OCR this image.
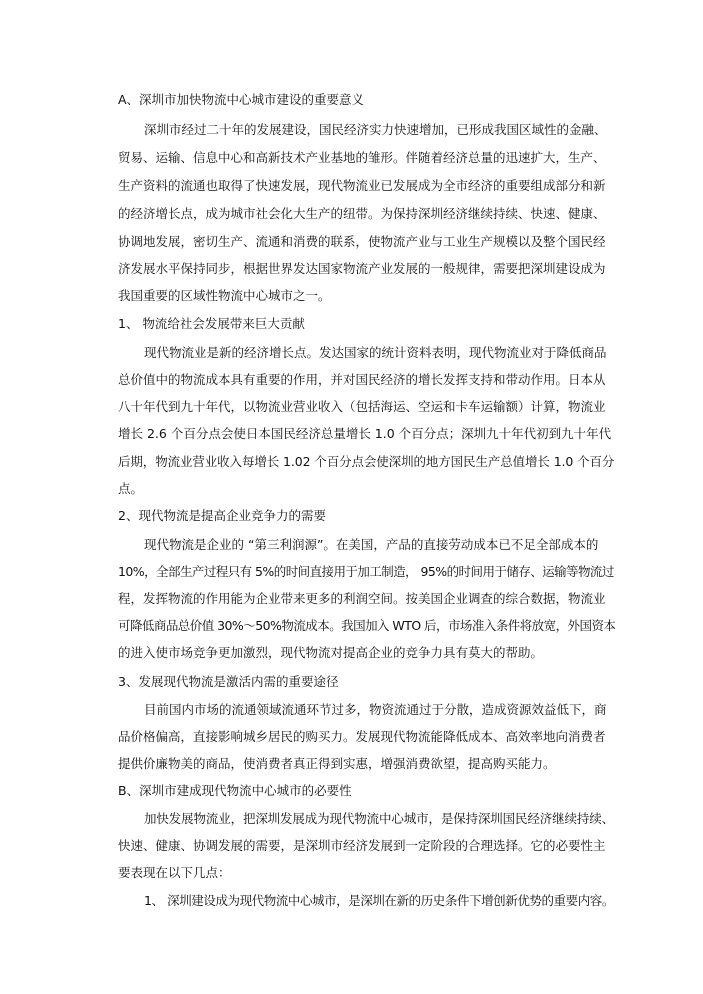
A、深圳市加快物流中心城市建设的重要意义
深圳市经过二十年的发展建设，国民经济实力快速增加，已形成我国区域性的金融、
贸易、运输、信息中心和高新技术产业基地的雏形。伴随着经济总量的迅速扩大，生产、
生产资料的流通也取得了快速发展，现代物流业已发展成为全市经济的重要组成部分和新
的经济增长点，成为城市社会化大生产的纽带。为保持深圳经济继续持续、快速、健康、
协调地发展，密切生产、流通和消费的联系，使物流产业与工业生产规模以及整个国民经
济发展水平保持同步，根据世界发达国家物流产业发展的一般规律，需要把深圳建设成为
我国重要的区域性物流中心城市之一。
1、 物流给社会发展带来巨大贡献
现代物流业是新的经济增长点。发达国家的统计资料表明，现代物流业对于降低商品
总价值中的物流成本具有重要的作用，并对国民经济的增长发挥支持和带动作用。日本从
八十年代到九十年代，以物流业营业收入（包括海运、空运和卡车运输额）计算，物流业
增长 2.6 个百分点会使日本国民经济总量增长 1.0 个百分点；深圳九十年代初到九十年代
后期，物流业营业收入每增长 1.02 个百分点会使深圳的地方国民生产总值增长 1.0 个百分
点。
2、现代物流是提高企业竞争力的需要
现代物流是企业的 “第三利润源”。在美国，产品的直接劳动成本已不足全部成本的
10%，全部生产过程只有 5%的时间直接用于加工制造， 95%的时间用于储存、运输等物流过
程，发挥物流的作用能为企业带来更多的利润空间。按美国企业调查的综合数据，物流业
可降低商品总价值 30%～50%物流成本。我国加入 WTO 后，市场准入条件将放宽，外国资本
的进入使市场竞争更加激烈，现代物流对提高企业的竞争力具有莫大的帮助。
3、发展现代物流是激活内需的重要途径
目前国内市场的流通领域流通环节过多，物资流通过于分散，造成资源效益低下，商
品价格偏高，直接影响城乡居民的购买力。发展现代物流能降低成本、高效率地向消费者
提供价廉物美的商品，使消费者真正得到实惠，增强消费欲望，提高购买能力。
B、深圳市建成现代物流中心城市的必要性
加快发展物流业，把深圳发展成为现代物流中心城市，是保持深圳国民经济继续持续、
快速、健康、协调发展的需要，是深圳市经济发展到一定阶段的合理选择。它的必要性主
要表现在以下几点：
1、 深圳建设成为现代物流中心城市，是深圳在新的历史条件下增创新优势的重要内容。
